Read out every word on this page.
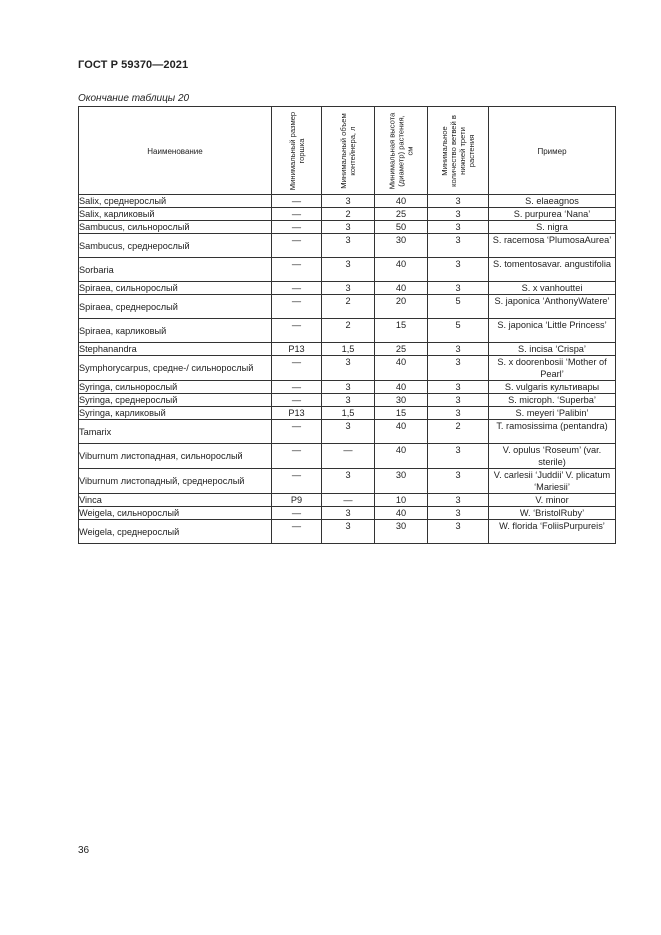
ГОСТ Р 59370—2021
Окончание таблицы 20
Наименование	Минимальный размер горшка	Минимальный объем контейнера, л	Минимальная высота (диаметр) растения, см	Минимальное количество ветвей в нижней трети растения	Пример
Salix, среднерослый	—	3	40	3	S. elaeagnos
Salix, карликовый	—	2	25	3	S. purpurea ‘Nana’
Sambucus, сильнорослый	—	3	50	3	S. nigra
Sambucus, среднерослый	—	3	30	3	S. racemosa ‘PlumosaAurea’
Sorbaria	—	3	40	3	S. tomentosavar. angustifolia
Spiraea, сильнорослый	—	3	40	3	S. x vanhouttei
Spiraea, среднерослый	—	2	20	5	S. japonica ‘AnthonyWatere’
Spiraea, карликовый	—	2	15	5	S. japonica ‘Little Princess’
Stephanandra	P13	1,5	25	3	S. incisa ‘Crispa’
Symphorycarpus, средне-/ сильнорослый	—	3	40	3	S. x doorenbosii ‘Mother of Pearl’
Syringa, сильнорослый	—	3	40	3	S. vulgaris культивары
Syringa, среднерослый	—	3	30	3	S. microph. ‘Superba’
Syringa, карликовый	P13	1,5	15	3	S. meyeri ‘Palibin’
Tamarix	—	3	40	2	T. ramosissima (pentandra)
Viburnum листопадная, сильнорослый	—	—	40	3	V. opulus ‘Roseum’ (var. sterile)
Viburnum листопадный, среднерослый	—	3	30	3	V. carlesii ‘Juddii’ V. plicatum ‘Mariesii’
Vinca	P9	—	10	3	V. minor
Weigela, сильнорослый	—	3	40	3	W. ‘BristolRuby’
Weigela, среднерослый	—	3	30	3	W. florida ‘FoliisPurpureis’
36
